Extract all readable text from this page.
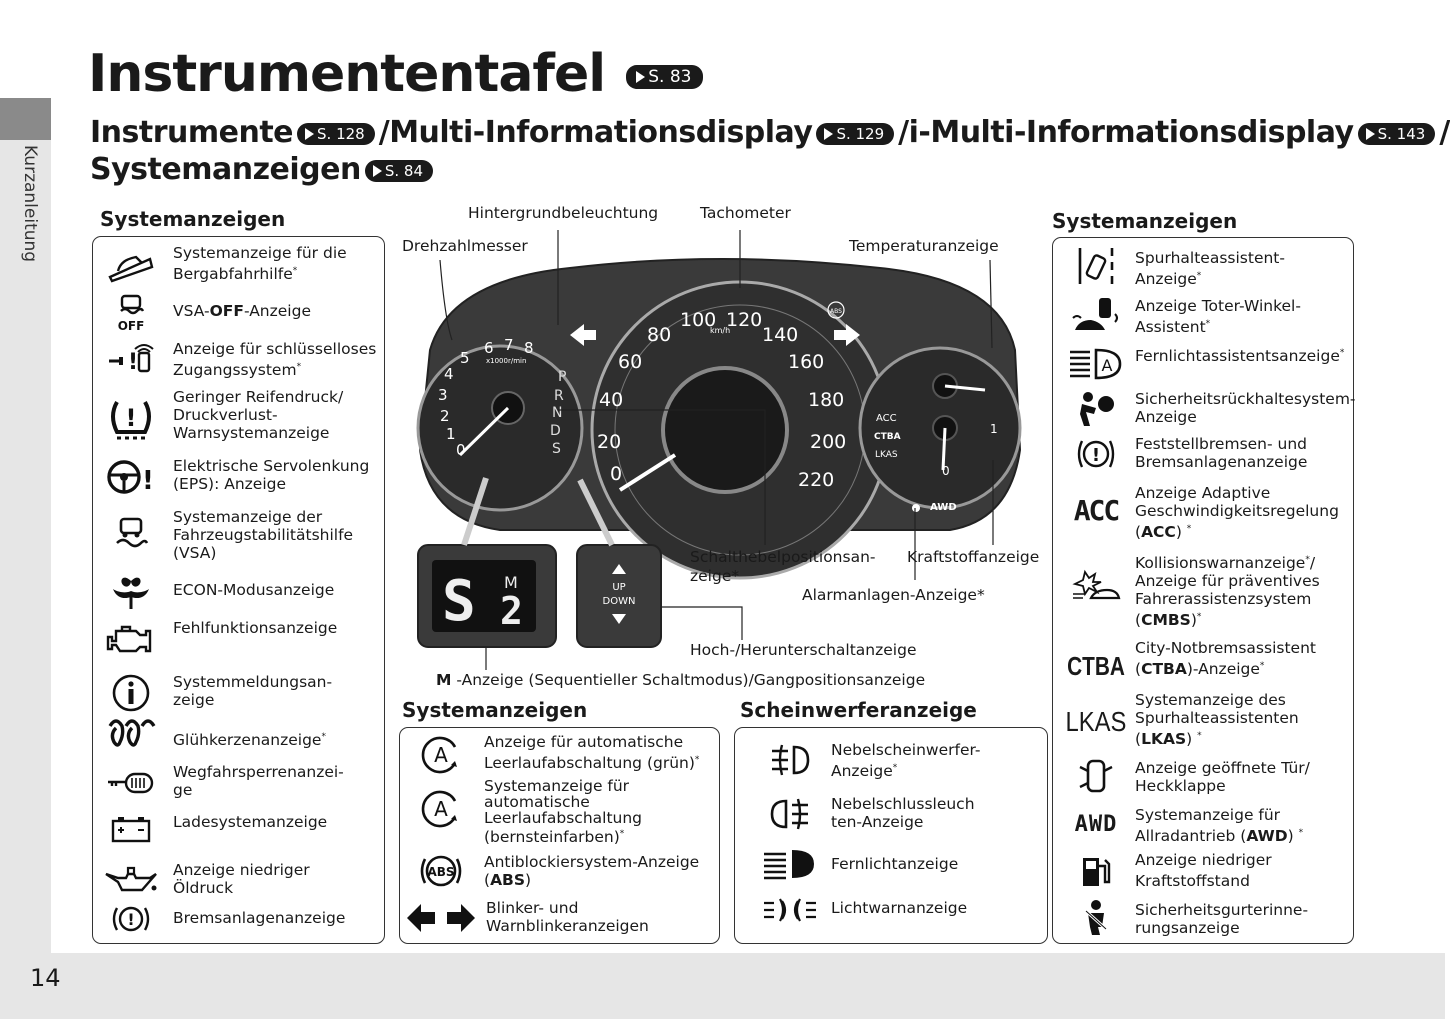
Kurzanleitung
14
Instrumententafel	S. 83
Instrumente S. 128 /Multi-Informationsdisplay S. 129 /i-Multi-Informationsdisplay S. 143 /
Systemanzeigen S. 84
Systemanzeigen
OFF
!
!
!
!
Systemanzeige für die
Bergabfahrhilfe*
VSA-OFF-Anzeige
Anzeige für schlüsselloses
Zugangssystem*
Geringer Reifendruck/
Druckverlust-
Warnsystemanzeige
Elektrische Servolenkung
(EPS): Anzeige
Systemanzeige der
Fahrzeugstabilitätshilfe
(VSA)
ECON-Modusanzeige
Fehlfunktionsanzeige
Systemmeldungsan-
zeige
Glühkerzenanzeige*
Wegfahrsperrenanzei-
ge
Ladesystemanzeige
Anzeige niedriger
Öldruck
Bremsanlagenanzeige
0
1
2
3
4
5
6 7 8
x1000r/min
P
R
N
D
S
0
20
40
60
80
100 120
140
160
180
200
220
km/h
1
0
ACC
CTBA
LKAS
AWD
ABS
S M
2
UP
DOWN
Hintergrundbeleuchtung	Tachometer
Drehzahlmesser	Temperaturanzeige
Schalthebelpositionsan-
zeige*
Kraftstoffanzeige
Alarmanlagen-Anzeige*
Hoch-/Herunterschaltanzeige
M -Anzeige (Sequentieller Schaltmodus)/Gangpositionsanzeige
Systemanzeigen
A
A
ABS
Anzeige für automatische
Leerlaufabschaltung (grün)*
Systemanzeige für
automatische
Leerlaufabschaltung
(bernsteinfarben)*
Antiblockiersystem-Anzeige
(ABS)
Blinker- und
Warnblinkeranzeigen
Scheinwerferanzeige
Nebelscheinwerfer-
Anzeige*
Nebelschlussleuch
ten-Anzeige
Fernlichtanzeige
Lichtwarnanzeige
Systemanzeigen
A
!
ACC
CTBA
LKAS
AWD
Spurhalteassistent-
Anzeige*
Anzeige Toter-Winkel-
Assistent*
Fernlichtassistentsanzeige*
Sicherheitsrückhaltesystem-
Anzeige
Feststellbremsen- und
Bremsanlagenanzeige
Anzeige Adaptive
Geschwindigkeitsregelung
(ACC) *
Kollisionswarnanzeige*/
Anzeige für präventives
Fahrerassistenzsystem
(CMBS)*
City-Notbremsassistent
(CTBA)-Anzeige*
Systemanzeige des
Spurhalteassistenten
(LKAS) *
Anzeige geöffnete Tür/
Heckklappe
Systemanzeige für
Allradantrieb (AWD) *
Anzeige niedriger
Kraftstoffstand
Sicherheitsgurterinne-
rungsanzeige
